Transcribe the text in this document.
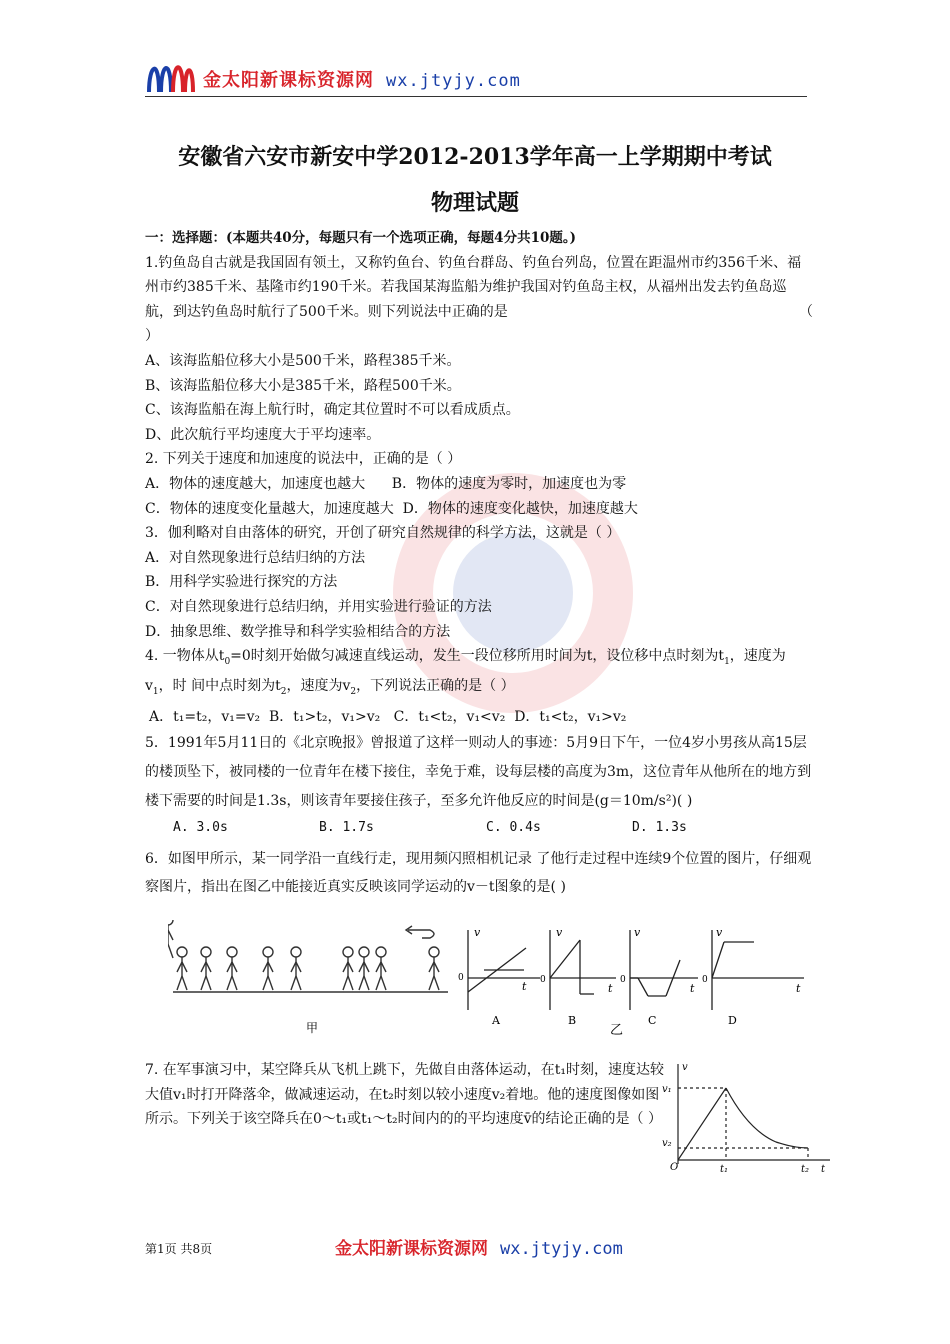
金太阳新课标资源网 wx.jtyjy.com
安徽省六安市新安中学2012-2013学年高一上学期期中考试
物理试题

一：选择题：(本题共40分，每题只有一个选项正确，每题4分共10题。)

1.钓鱼岛自古就是我国固有领土，又称钓鱼台、钓鱼台群岛、钓鱼台列岛，位置在距温州市约356千米、福州市约385千米、基隆市约190千米。若我国某海监船为维护我国对钓鱼岛主权，从福州出发去钓鱼岛巡航，到达钓鱼岛时航行了500千米。则下列说法中正确的是	（

）

A、该海监船位移大小是500千米，路程385千米。

B、该海监船位移大小是385千米，路程500千米。

C、该海监船在海上航行时，确定其位置时不可以看成质点。

D、此次航行平均速度大于平均速率。

2. 下列关于速度和加速度的说法中，正确的是（ ）

A．物体的速度越大，加速度也越大      B．物体的速度为零时，加速度也为零

C．物体的速度变化量越大，加速度越大  D．物体的速度变化越快，加速度越大

3．伽利略对自由落体的研究，开创了研究自然规律的科学方法，这就是（ ）

A．对自然现象进行总结归纳的方法

B．用科学实验进行探究的方法

C．对自然现象进行总结归纳，并用实验进行验证的方法

D．抽象思维、数学推导和科学实验相结合的方法

4. 一物体从$t_0=0$时刻开始做匀减速直线运动，发生一段位移所用时间为t，设位移中点时刻为$t_1$，速度为$v_1$，时 间中点时刻为$t_2$，速度为$v_2$，下列说法正确的是（ ）

A．t₁=t₂，v₁=v₂  B．t₁>t₂，v₁>v₂   C．t₁<t₂，v₁<v₂  D．t₁<t₂，v₁>v₂

5．1991年5月11日的《北京晚报》曾报道了这样一则动人的事迹：5月9日下午，一位4岁小男孩从高15层的楼顶坠下，被同楼的一位青年在楼下接住，幸免于难，设每层楼的高度为3m，这位青年从他所在的地方到楼下需要的时间是1.3s，则该青年要接住孩子，至多允许他反应的时间是(g＝10m/s²)( )

A. 3.0s	B. 1.7s	C. 0.4s	D. 1.3s

6．如图甲所示，某一同学沿一直线行走，现用频闪照相机记录 了他行走过程中连续9个位置的图片，仔细观察图片，指出在图乙中能接近真实反映该同学运动的v－t图象的是( )

甲
v
t
0
A
v
t
0
B
乙
v
t
0
C
v
t
0
D

7. 在军事演习中，某空降兵从飞机上跳下，先做自由落体运动，在t₁时刻，速度达较大值v₁时打开降落伞，做减速运动，在t₂时刻以较小速度v₂着地。他的速度图像如图所示。下列关于该空降兵在0～t₁或t₁～t₂时间内的的平均速度v̄的结论正确的是（ ）

v
v₁
v₂
O	t₁	t₂ t
第1页 共8页	金太阳新课标资源网 wx.jtyjy.com
